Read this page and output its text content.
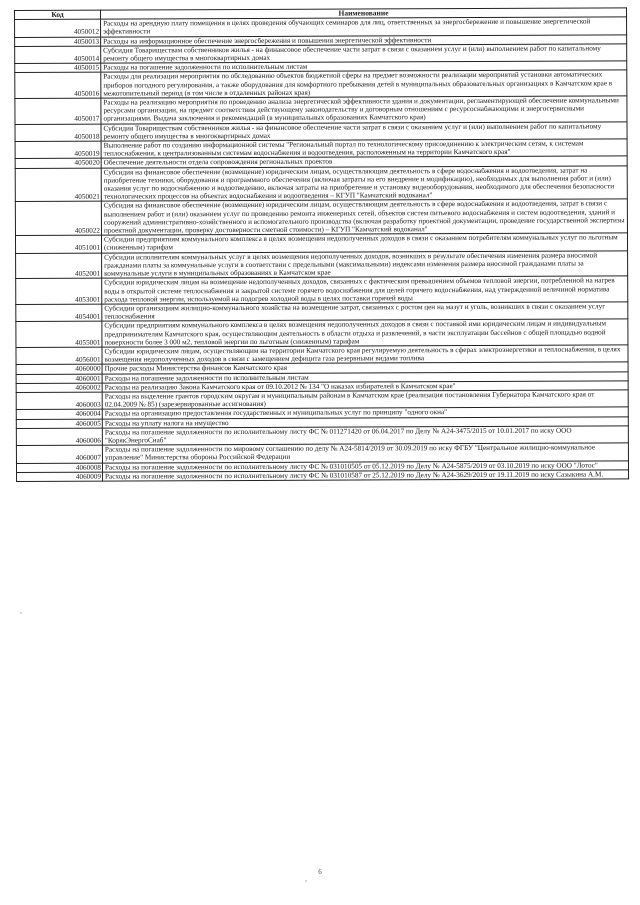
Код	Наименование
4050012	Расходы на арендную плату помещения в целях проведения обучающих семинаров для лиц, ответственных за энергосбережение и повышение энергетической эффективности
4050013	Расходы на информационное обеспечение энергосбережения и повышения энергетической эффективности
4050014	Субсидия Товариществам собственников жилья - на финансовое обеспечение части затрат в связи с оказанием услуг и (или) выполнением работ по капитальному ремонту общего имущества в многоквартирных домах
4050015	Расходы на погашение задолженности по исполнительным листам
4050016	Расходы для реализации мероприятия по обследованию объектов бюджетной сферы на предмет возможности реализации мероприятий установки автоматических приборов погодного регулирования, а также оборудования для комфортного пребывания детей в муниципальных образовательных организациях в Камчатском крае в межотопительный период (в том числе в отдаленных районах края)
4050017	Расходы на реализацию мероприятия по проведению анализа энергетической эффективности здания и документации, регламентирующей обеспечение коммунальными ресурсами организации, на предмет соответствия действующему законодательству и договорным отношениям с ресурсоснабжающими и энергосервисными организациями. Выдача заключения и рекомендаций (в муниципальных образованиях Камчатского края)
4050018	Субсидия Товариществам собственников жилья - на финансовое обеспечение части затрат в связи с оказанием услуг и (или) выполнением работ по капитальному ремонту общего имущества в многоквартирных домах
4050019	Выполнение работ по созданию информационной системы "Региональный портал по технологическому присоединению к электрическим сетям, к системам теплоснабжения, к централизованным системам водоснабжения и водоотведения, расположенным на территории Камчатского края"
4050020	Обеспечение деятельности отдела сопровождения региональных проектов
4050021	Субсидия на финансовое обеспечение (возмещение) юридическим лицам, осуществляющим деятельность в сфере водоснабжения и водоотведения, затрат на приобретение техники, оборудования и программного обеспечения (включая затраты на его внедрение и модификацию), необходимых для выполнения работ и (или) оказания услуг по водоснабжению и водоотведению, включая затраты на приобретение и установку видеооборудования, необходимого для обеспечения безопасности технологических процессов на объектах водоснабжения и водоотведения – КГУП "Камчатский водоканал"
4050022	Субсидия на финансовое обеспечение (возмещение) юридическим лицам, осуществляющим деятельность в сфере водоснабжения и водоотведения, затрат в связи с выполнением работ и (или) оказанием услуг по проведению ремонта инженерных сетей, объектов систем питьевого водоснабжения и систем водоотведения, зданий и сооружений административно-хозяйственного и вспомогательного производства (включая разработку проектной документации, проведение государственной экспертизы проектной документации, проверку достоверности сметной стоимости) – КГУП "Камчатский водоканал"
4051001	Субсидии предприятиям коммунального комплекса в целях возмещения недополученных доходов в связи с оказанием потребителям коммунальных услуг по льготным (сниженным) тарифам
4052001	Субсидии исполнителям коммунальных услуг в целях возмещения недополученных доходов, возникших в результате обеспечения изменения размера вносимой гражданами платы за коммунальные услуги в соответствии с предельными (максимальными) индексами изменения размера вносимой гражданами платы за коммунальные услуги в муниципальных образованиях в Камчатском крае
4053001	Субсидии юридическим лицам на возмещение недополученных доходов, связанных с фактическим превышением объемов тепловой энергии, потребленной на нагрев воды в открытой системе теплоснабжения и закрытой системе горячего водоснабжения для целей горячего водоснабжения, над утвержденной величиной норматива расхода тепловой энергии, используемой на подогрев холодной воды в целях поставки горячей воды
4054001	Субсидии организациям жилищно-коммунального хозяйства на возмещение затрат, связанных с ростом цен на мазут и уголь, возникших в связи с оказанием услуг теплоснабжения
4055001	Субсидии предприятиям коммунального комплекса в целях возмещения недополученных доходов в связи с поставкой ими юридическим лицам и индивидуальным предпринимателям Камчатского края, осуществляющим деятельность в области отдыха и развлечений, в части эксплуатации бассейнов с общей площадью водной поверхности более 3 000 м2, тепловой энергии по льготным (сниженным) тарифам
4056001	Субсидии юридическим лицам, осуществляющим на территории Камчатского края регулируемую деятельность в сферах электроэнергетики и теплоснабжения, в целях возмещения недополученных доходов в связи с замещением дефицита газа резервными видами топлива
4060000	Прочие расходы Министерства финансов Камчатского края
4060001	Расходы на погашение задолженности по исполнительным листам
4060002	Расходы на реализацию Закона Камчатского края от 09.10.2012 № 134 "О наказах избирателей в Камчатском крае"
4060003	Расходы на выделение грантов городским округам и муниципальным районам в Камчатском крае (реализация постановления Губернатора Камчатского края от 02.04.2009 № 85) (зарезервированные ассигнования)
4060004	Расходы на организацию предоставления государственных и муниципальных услуг по принципу "одного окна"
4060005	Расходы на уплату налога на имущество
4060006	Расходы на погашение задолженности по исполнительному листу ФС № 011271420 от 06.04.2017 по Делу № А24-3475/2015 от 10.01.2017 по иску ООО "КорякЭнергоСнаб"
4060007	Расходы на погашение задолженности по мировому соглашению по делу № А24-5814/2019 от 30.09.2019 по иску ФГБУ "Центральное жилищно-коммунальное управление" Министерства обороны Российской Федерации
4060008	Расходы на погашение задолженности по исполнительному листу ФС № 031010505 от 05.12.2019 по Делу № А24-5875/2019 от 03.10.2019 по иску ООО "Лотос"
4060009	Расходы на погашение задолженности по исполнительному листу ФС № 031010587 от 25.12.2019 по Делу № А24-3629/2019 от 19.11.2019 по иску Сазыкина А.М.
6
